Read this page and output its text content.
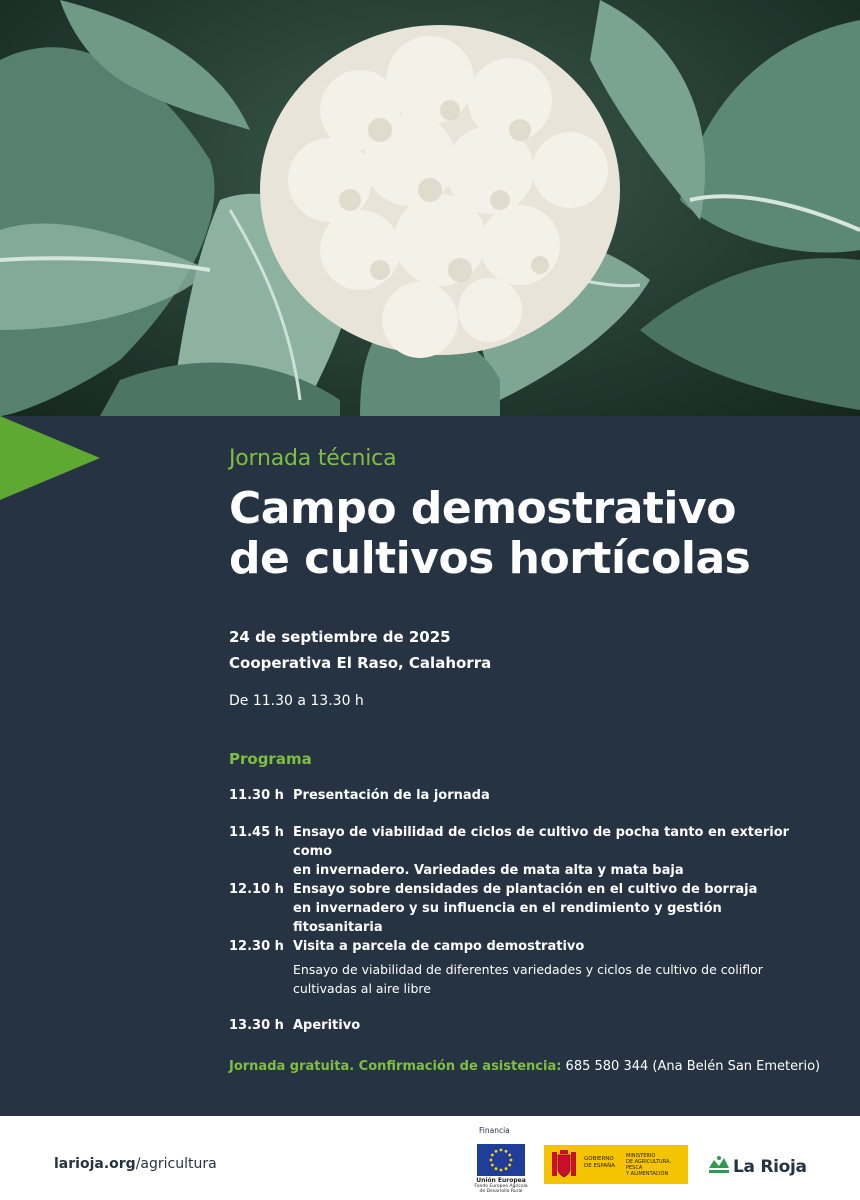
Jornada técnica
Campo demostrativo
de cultivos hortícolas
24 de septiembre de 2025
Cooperativa El Raso, Calahorra
De 11.30 a 13.30 h
Programa
11.30 h Presentación de la jornada
11.45 h Ensayo de viabilidad de ciclos de cultivo de pocha tanto en exterior como
en invernadero. Variedades de mata alta y mata baja
12.10 h Ensayo sobre densidades de plantación en el cultivo de borraja
en invernadero y su influencia en el rendimiento y gestión fitosanitaria
12.30 h Visita a parcela de campo demostrativo
Ensayo de viabilidad de diferentes variedades y ciclos de cultivo de coliflor
cultivadas al aire libre
13.30 h Aperitivo
Jornada gratuita. Confirmación de asistencia: 685 580 344 (Ana Belén San Emeterio)
larioja.org/agricultura
Financia
Unión Europea
Fondo Europeo Agrícola
de Desarrollo Rural
GOBIERNO
DE ESPAÑA
MINISTERIO
DE AGRICULTURA, PESCA
Y ALIMENTACIÓN	La Rioja
